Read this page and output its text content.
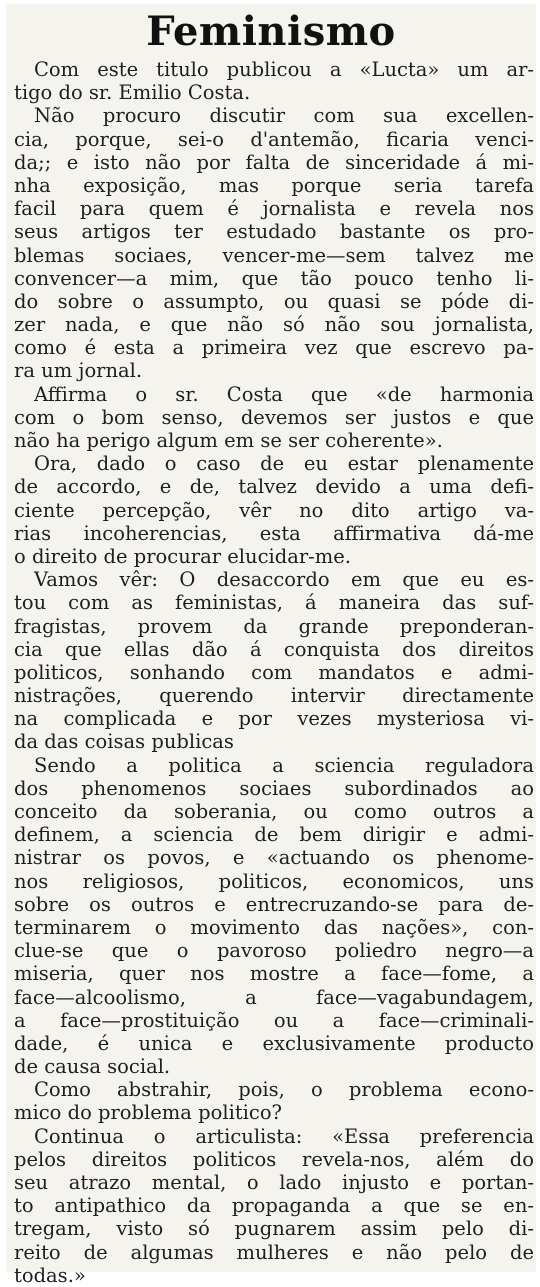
Feminismo
Com este titulo publicou a «Lucta» um ar-
tigo do sr. Emilio Costa.
Não procuro discutir com sua excellen-
cia, porque, sei-o d'antemão, ficaria venci-
da;; e isto não por falta de sinceridade á mi-
nha exposição, mas porque seria tarefa
facil para quem é jornalista e revela nos
seus artigos ter estudado bastante os pro-
blemas sociaes, vencer-me—sem talvez me
convencer—a mim, que tão pouco tenho li-
do sobre o assumpto, ou quasi se póde di-
zer nada, e que não só não sou jornalista,
como é esta a primeira vez que escrevo pa-
ra um jornal.
Affirma o sr. Costa que «de harmonia
com o bom senso, devemos ser justos e que
não ha perigo algum em se ser coherente».
Ora, dado o caso de eu estar plenamente
de accordo, e de, talvez devido a uma defi-
ciente percepção, vêr no dito artigo va-
rias incoherencias, esta affirmativa dá-me
o direito de procurar elucidar-me.
Vamos vêr: O desaccordo em que eu es-
tou com as feministas, á maneira das suf-
fragistas, provem da grande preponderan-
cia que ellas dão á conquista dos direitos
politicos, sonhando com mandatos e admi-
nistrações, querendo intervir directamente
na complicada e por vezes mysteriosa vi-
da das coisas publicas
Sendo a politica a sciencia reguladora
dos phenomenos sociaes subordinados ao
conceito da soberania, ou como outros a
definem, a sciencia de bem dirigir e admi-
nistrar os povos, e «actuando os phenome-
nos religiosos, politicos, economicos, uns
sobre os outros e entrecruzando-se para de-
terminarem o movimento das nações», con-
clue-se que o pavoroso poliedro negro—a
miseria, quer nos mostre a face—fome, a
face—alcoolismo, a face—vagabundagem,
a face—prostituição ou a face—criminali-
dade, é unica e exclusivamente producto
de causa social.
Como abstrahir, pois, o problema econo-
mico do problema politico?
Continua o articulista: «Essa preferencia
pelos direitos politicos revela-nos, além do
seu atrazo mental, o lado injusto e portan-
to antipathico da propaganda a que se en-
tregam, visto só pugnarem assim pelo di-
reito de algumas mulheres e não pelo de
todas.»
